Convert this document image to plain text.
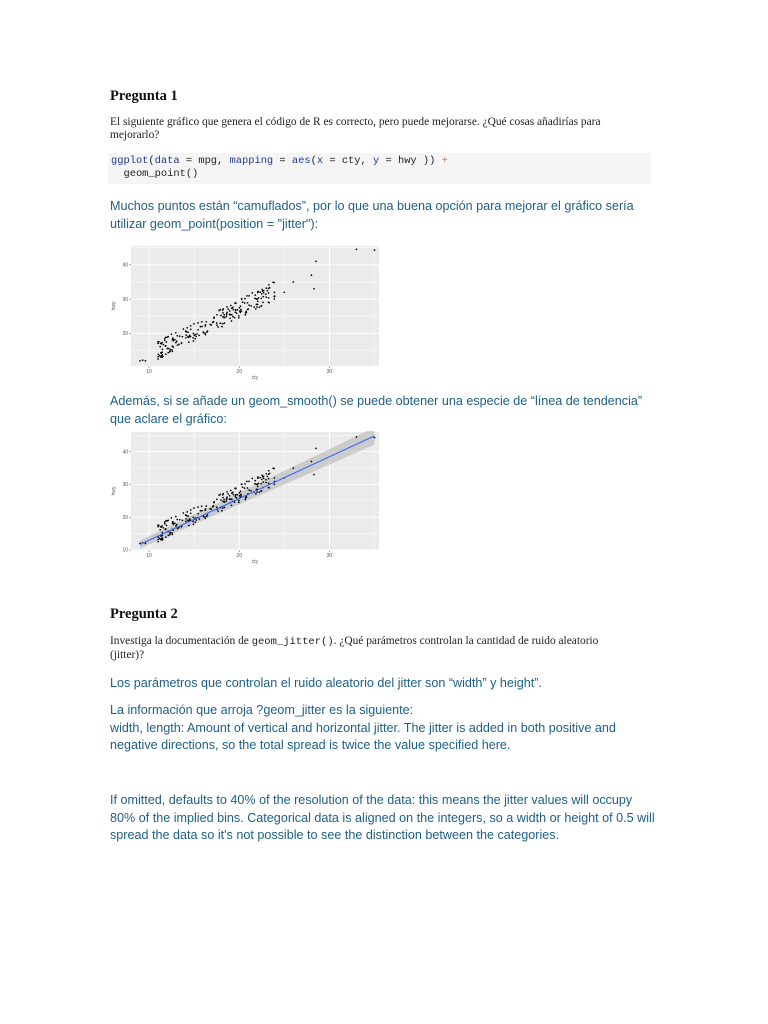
Pregunta 1
El siguiente gráfico que genera el código de R es correcto, pero puede mejorarse. ¿Qué cosas añadirías para
mejorarlo?
ggplot(data = mpg, mapping = aes(x = cty, y = hwy )) +
geom_point()
Muchos puntos están “camuflados”, por lo que una buena opción para mejorar el gráfico sería utilizar geom_point(position = "jitter"):
10	20	30
20
30
40
cty
hwy
Además, si se añade un geom_smooth() se puede obtener una especie de “línea de tendencia” que aclare el gráfico:
10	20	30
10
20
30
40
cty
hwy
Pregunta 2
Investiga la documentación de geom_jitter(). ¿Qué parámetros controlan la cantidad de ruido aleatorio
(jitter)?
Los parámetros que controlan el ruido aleatorio del jitter son “width” y height”.
La información que arroja ?geom_jitter es la siguiente:
width, length: Amount of vertical and horizontal jitter. The jitter is added in both positive and negative directions, so the total spread is twice the value specified here.
If omitted, defaults to 40% of the resolution of the data: this means the jitter values will occupy 80% of the implied bins. Categorical data is aligned on the integers, so a width or height of 0.5 will spread the data so it's not possible to see the distinction between the categories.
